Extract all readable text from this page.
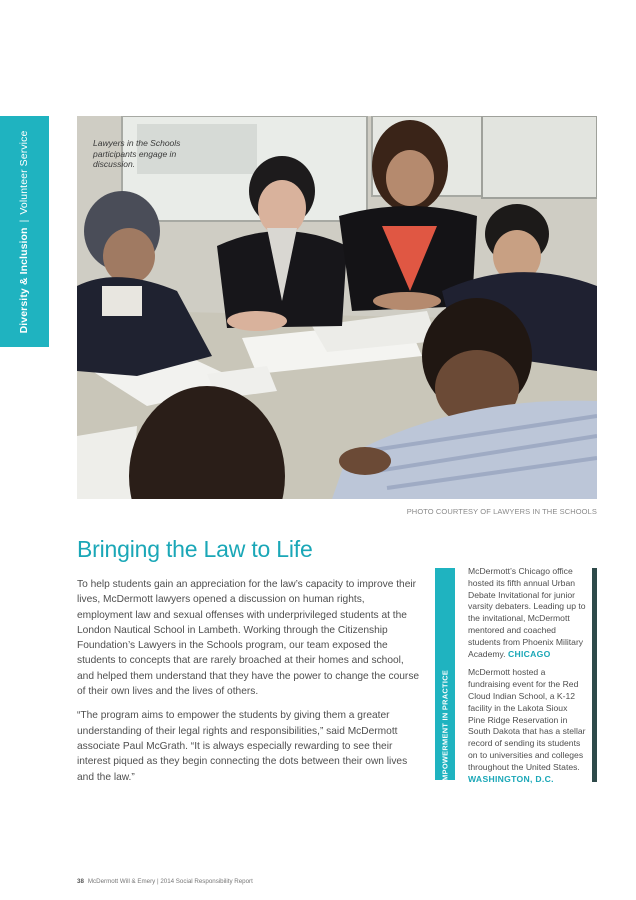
Diversity & Inclusion|Volunteer Service	Lawyers in the Schools participants engage in discussion.
PHOTO COURTESY OF LAWYERS IN THE SCHOOLS
Bringing the Law to Life

To help students gain an appreciation for the law’s capacity to improve their lives, McDermott lawyers opened a discussion on human rights, employment law and sexual offenses with underprivileged students at the London Nautical School in Lambeth. Working through the Citizenship Foundation’s Lawyers in the Schools program, our team exposed the students to concepts that are rarely broached at their homes and school, and helped them understand that they have the power to change the course of their own lives and the lives of others.

“The program aims to empower the students by giving them a greater understanding of their legal rights and responsibilities,” said McDermott associate Paul McGrath. “It is always especially rewarding to see their interest piqued as they begin connecting the dots between their own lives and the law.”	EMPOWERMENT IN PRACTICE

McDermott’s Chicago office hosted its fifth annual Urban Debate Invitational for junior varsity debaters. Leading up to the invitational, McDermott mentored and coached students from Phoenix Military Academy. CHICAGO

McDermott hosted a fundraising event for the Red Cloud Indian School, a K-12 facility in the Lakota Sioux Pine Ridge Reservation in South Dakota that has a stellar record of sending its students on to universities and colleges throughout the United States. WASHINGTON, D.C.

38 McDermott Will & Emery | 2014 Social Responsibility Report
